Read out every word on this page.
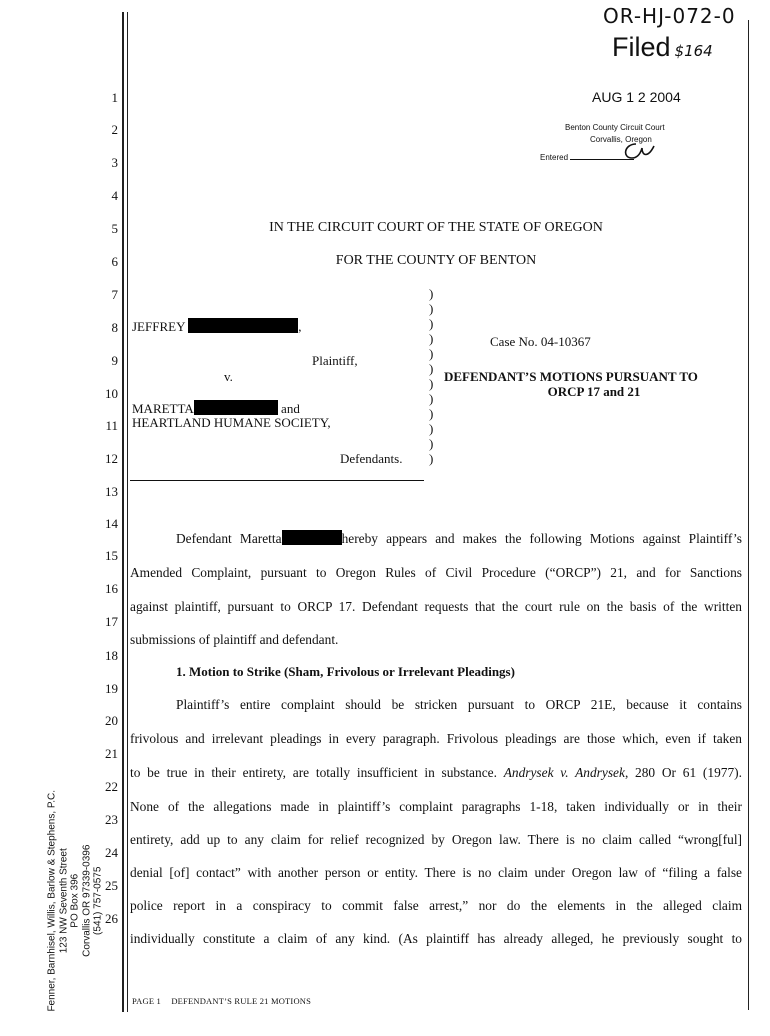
OR-HJ-072-0
Filed $164
AUG 1 2 2004
Benton County Circuit Court
Corvallis, Oregon
Entered
1
2
3
4
5
6
7
8
9
10
11
12
13
14
15
16
17
18
19
20
21
22
23
24
25
26
IN THE CIRCUIT COURT OF THE STATE OF OREGON
FOR THE COUNTY OF BENTON
JEFFREY	,
Plaintiff,
v.
MARETTA	and
HEARTLAND HUMANE SOCIETY,
Defendants.
)
)
)
)
)
)
)
)
)
)
)
)
Case No. 04-10367
DEFENDANT’S MOTIONS PURSUANT TO
ORCP 17 and 21
Defendant Maretta	hereby appears and makes the following Motions against Plaintiff’s
Amended Complaint, pursuant to Oregon Rules of Civil Procedure (“ORCP”) 21, and for Sanctions
against plaintiff, pursuant to ORCP 17. Defendant requests that the court rule on the basis of the written
submissions of plaintiff and defendant.
1. Motion to Strike (Sham, Frivolous or Irrelevant Pleadings)
Plaintiff’s entire complaint should be stricken pursuant to ORCP 21E, because it contains
frivolous and irrelevant pleadings in every paragraph. Frivolous pleadings are those which, even if taken
to be true in their entirety, are totally insufficient in substance. Andrysek v. Andrysek, 280 Or 61 (1977).
None of the allegations made in plaintiff’s complaint paragraphs 1-18, taken individually or in their
entirety, add up to any claim for relief recognized by Oregon law. There is no claim called “wrong[ful]
denial [of] contact” with another person or entity. There is no claim under Oregon law of “filing a false
police report in a conspiracy to commit false arrest,” nor do the elements in the alleged claim
individually constitute a claim of any kind. (As plaintiff has already alleged, he previously sought to
PAGE 1 DEFENDANT’S RULE 21 MOTIONS
Fenner, Barnhisel, Willis, Barlow & Stephens, P.C. 123 NW Seventh Street PO Box 396 Corvallis OR 97339-0396 (541) 757-0575
